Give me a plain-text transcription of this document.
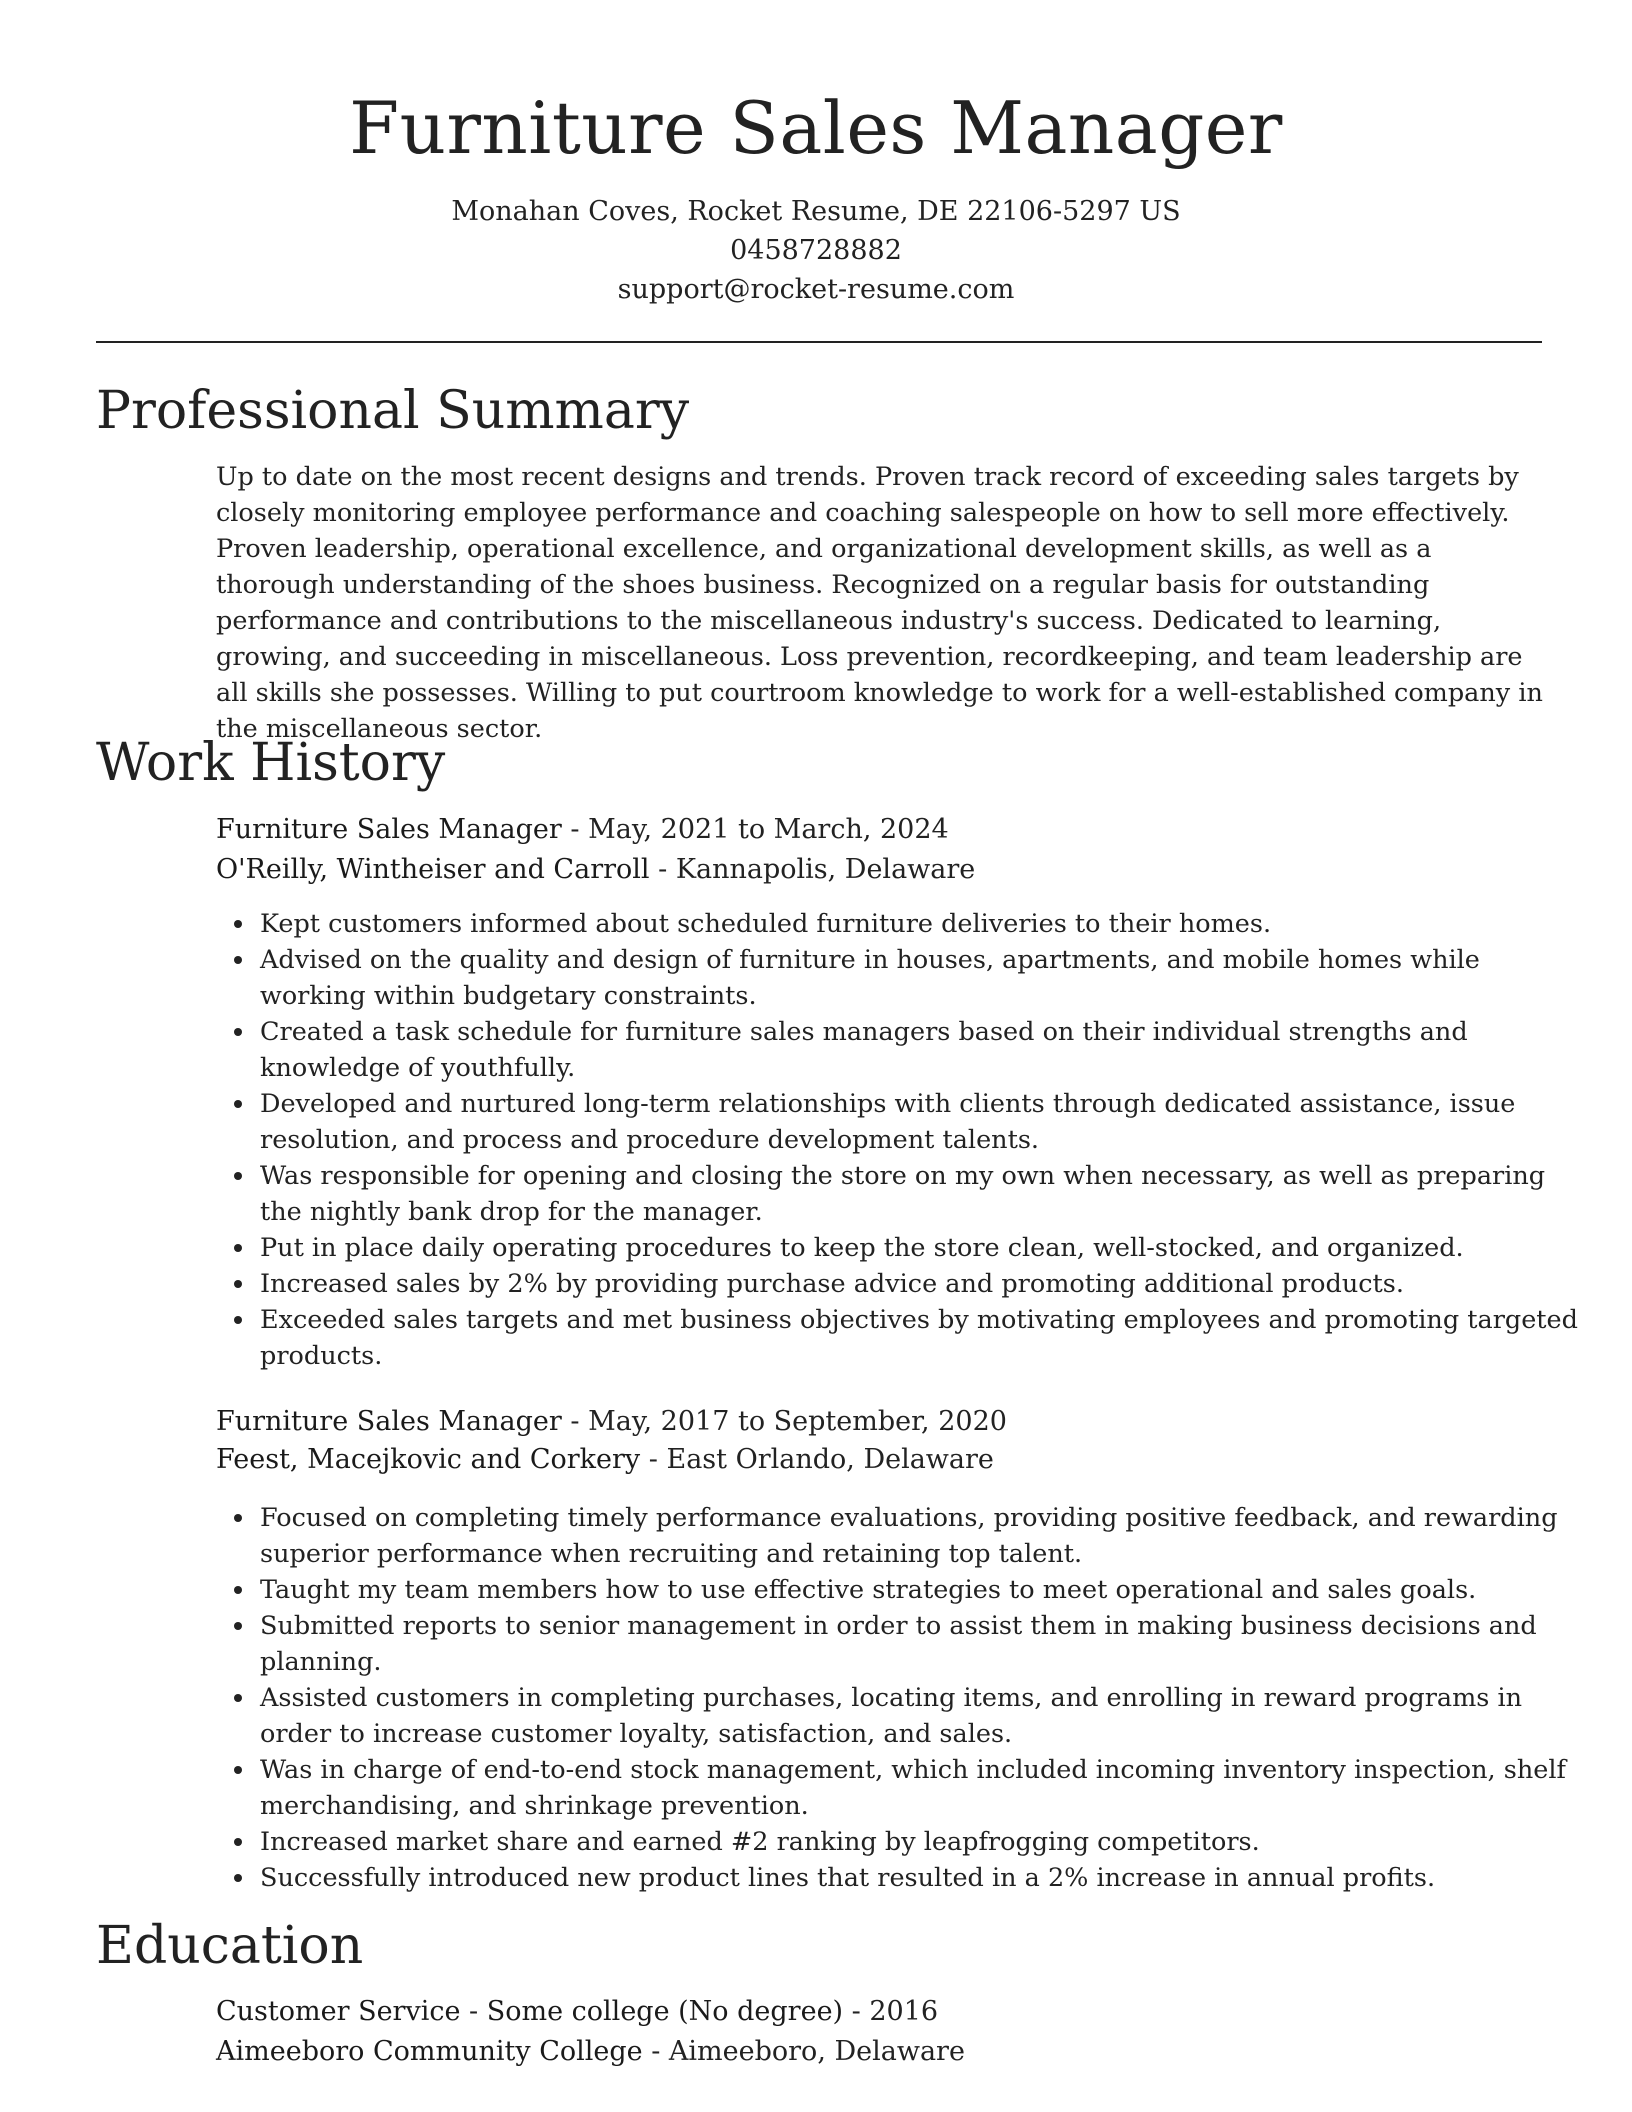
Furniture Sales Manager

Monahan Coves, Rocket Resume, DE 22106-5297 US

0458728882

support@rocket-resume.com

Professional Summary

Up to date on the most recent designs and trends. Proven track record of exceeding sales targets by closely monitoring employee performance and coaching salespeople on how to sell more effectively. Proven leadership, operational excellence, and organizational development skills, as well as a thorough understanding of the shoes business. Recognized on a regular basis for outstanding performance and contributions to the miscellaneous industry's success. Dedicated to learning, growing, and succeeding in miscellaneous. Loss prevention, recordkeeping, and team leadership are all skills she possesses. Willing to put courtroom knowledge to work for a well-established company in the miscellaneous sector.

Work History

Furniture Sales Manager - May, 2021 to March, 2024

O'Reilly, Wintheiser and Carroll - Kannapolis, Delaware

Kept customers informed about scheduled furniture deliveries to their homes.
Advised on the quality and design of furniture in houses, apartments, and mobile homes while working within budgetary constraints.
Created a task schedule for furniture sales managers based on their individual strengths and knowledge of youthfully.
Developed and nurtured long-term relationships with clients through dedicated assistance, issue resolution, and process and procedure development talents.
Was responsible for opening and closing the store on my own when necessary, as well as preparing the nightly bank drop for the manager.
Put in place daily operating procedures to keep the store clean, well-stocked, and organized.
Increased sales by 2% by providing purchase advice and promoting additional products.
Exceeded sales targets and met business objectives by motivating employees and promoting targeted products.

Furniture Sales Manager - May, 2017 to September, 2020

Feest, Macejkovic and Corkery - East Orlando, Delaware

Focused on completing timely performance evaluations, providing positive feedback, and rewarding superior performance when recruiting and retaining top talent.
Taught my team members how to use effective strategies to meet operational and sales goals.
Submitted reports to senior management in order to assist them in making business decisions and planning.
Assisted customers in completing purchases, locating items, and enrolling in reward programs in order to increase customer loyalty, satisfaction, and sales.
Was in charge of end-to-end stock management, which included incoming inventory inspection, shelf merchandising, and shrinkage prevention.
Increased market share and earned #2 ranking by leapfrogging competitors.
Successfully introduced new product lines that resulted in a 2% increase in annual profits.
Education

Customer Service - Some college (No degree) - 2016

Aimeeboro Community College - Aimeeboro, Delaware
